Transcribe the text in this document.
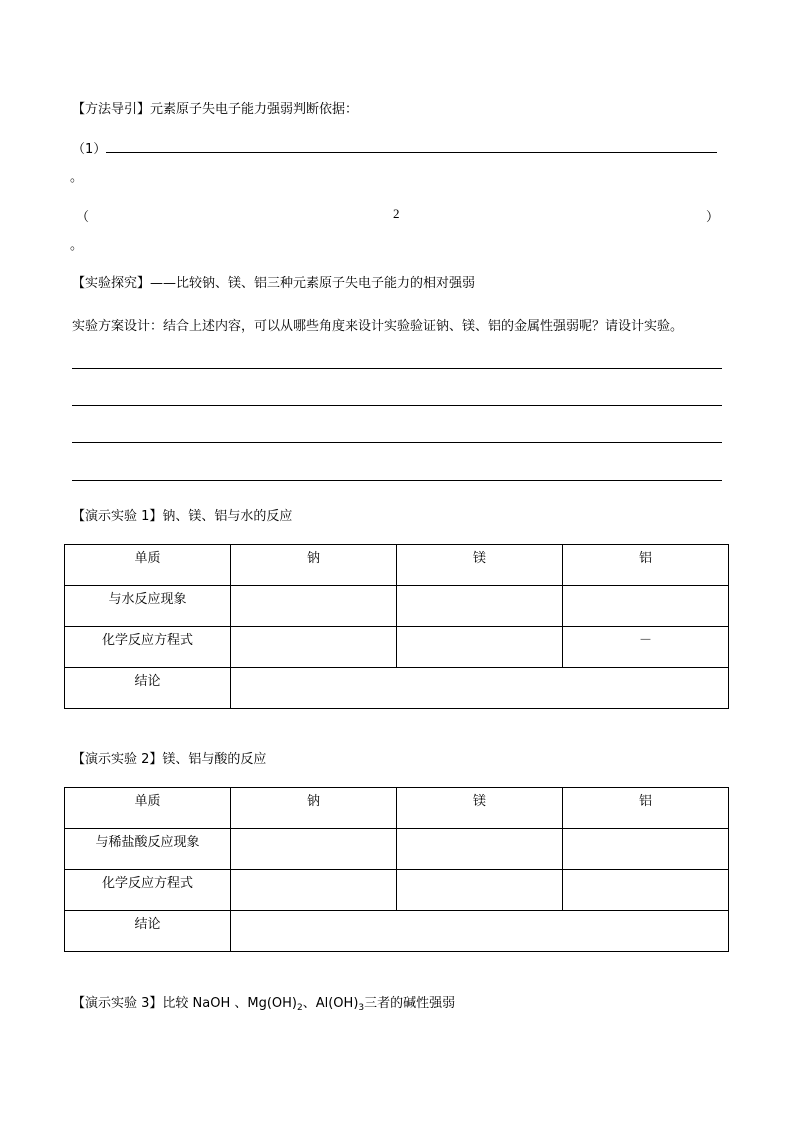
【方法导引】元素原子失电子能力强弱判断依据：
（1）
。
（	2	）
。
【实验探究】——比较钠、镁、铝三种元素原子失电子能力的相对强弱
实验方案设计：结合上述内容，可以从哪些角度来设计实验验证钠、镁、铝的金属性强弱呢？请设计实验。
【演示实验 1】钠、镁、铝与水的反应
单质	钠	镁	铝

与水反应现象			

化学反应方程式			－

结论			

【演示实验 2】镁、铝与酸的反应
单质	钠	镁	铝

与稀盐酸反应现象			

化学反应方程式			

结论			

【演示实验 3】比较 NaOH 、$Mg(OH)_2$、$Al(OH)_3$三者的碱性强弱
